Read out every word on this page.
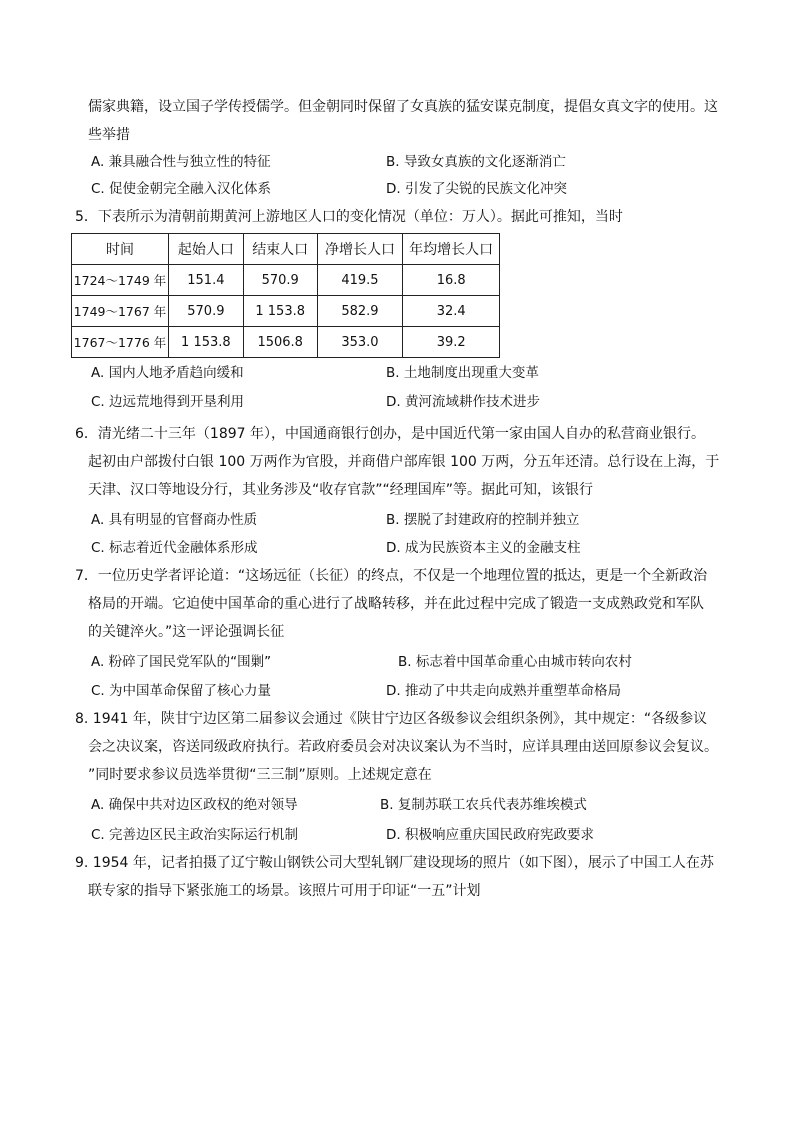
儒家典籍，设立国子学传授儒学。但金朝同时保留了女真族的猛安谋克制度，提倡女真文字的使用。这
些举措
A. 兼具融合性与独立性的特征	B. 导致女真族的文化逐渐消亡
C. 促使金朝完全融入汉化体系	D. 引发了尖锐的民族文化冲突
5．下表所示为清朝前期黄河上游地区人口的变化情况（单位：万人）。据此可推知，当时
时间	起始人口	结束人口	净增长人口	年均增长人口
1724～1749 年	151.4	570.9	419.5	16.8
1749～1767 年	570.9	1 153.8	582.9	32.4
1767～1776 年	1 153.8	1506.8	353.0	39.2
A. 国内人地矛盾趋向缓和	B. 土地制度出现重大变革
C. 边远荒地得到开垦利用	D. 黄河流域耕作技术进步
6．清光绪二十三年（1897 年），中国通商银行创办，是中国近代第一家由国人自办的私营商业银行。
起初由户部拨付白银 100 万两作为官股，并商借户部库银 100 万两，分五年还清。总行设在上海，于
天津、汉口等地设分行，其业务涉及“收存官款”“经理国库”等。据此可知，该银行
A. 具有明显的官督商办性质	B. 摆脱了封建政府的控制并独立
C. 标志着近代金融体系形成	D. 成为民族资本主义的金融支柱
7．一位历史学者评论道：“这场远征（长征）的终点，不仅是一个地理位置的抵达，更是一个全新政治
格局的开端。它迫使中国革命的重心进行了战略转移，并在此过程中完成了锻造一支成熟政党和军队
的关键淬火。”这一评论强调长征
A. 粉碎了国民党军队的“围剿”	B. 标志着中国革命重心由城市转向农村
C. 为中国革命保留了核心力量	D. 推动了中共走向成熟并重塑革命格局
8. 1941 年，陕甘宁边区第二届参议会通过《陕甘宁边区各级参议会组织条例》，其中规定：“各级参议
会之决议案，咨送同级政府执行。若政府委员会对决议案认为不当时，应详具理由送回原参议会复议。
”同时要求参议员选举贯彻“三三制”原则。上述规定意在
A. 确保中共对边区政权的绝对领导	B. 复制苏联工农兵代表苏维埃模式
C. 完善边区民主政治实际运行机制	D. 积极响应重庆国民政府宪政要求
9. 1954 年，记者拍摄了辽宁鞍山钢铁公司大型轧钢厂建设现场的照片（如下图），展示了中国工人在苏
联专家的指导下紧张施工的场景。该照片可用于印证“一五”计划
